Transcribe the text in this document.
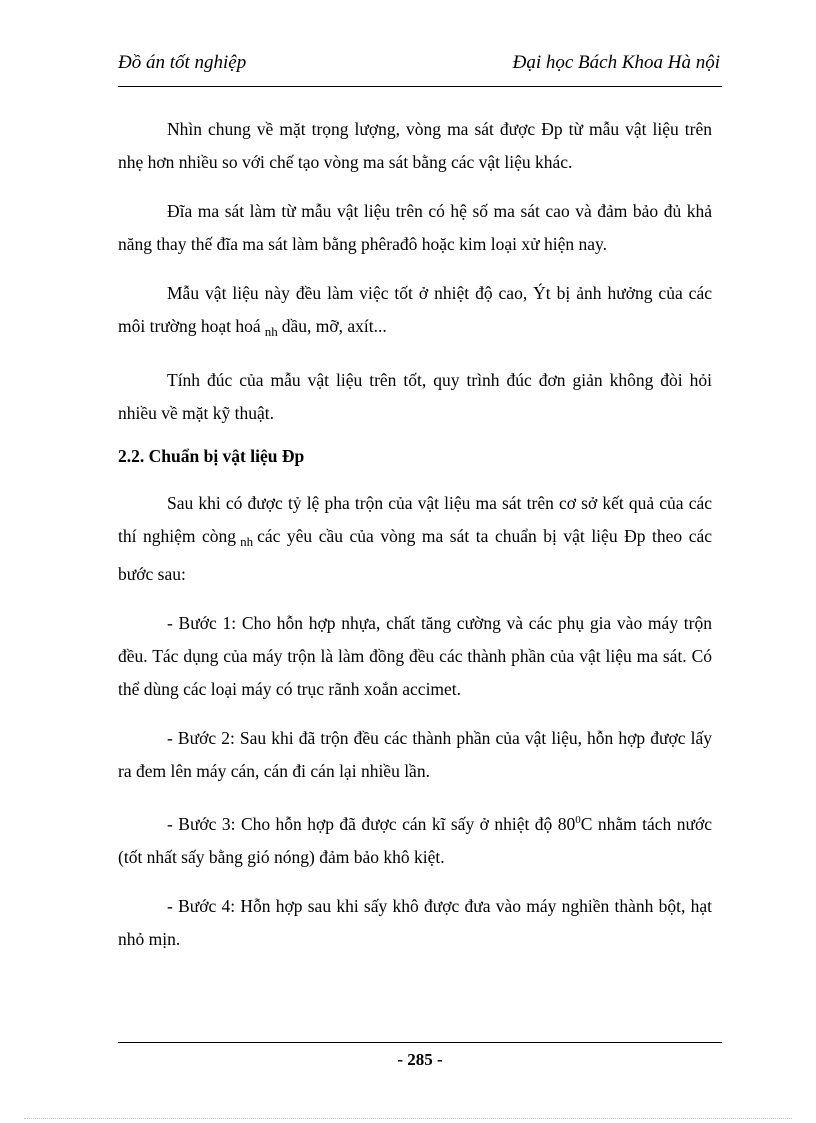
Đồ án tốt nghiệp	Đại học Bách Khoa Hà nội

Nhìn chung về mặt trọng lượng, vòng ma sát được Đp từ mẫu vật liệu trên nhẹ hơn nhiều so với chế tạo vòng ma sát bằng các vật liệu khác.

Đĩa ma sát làm từ mẫu vật liệu trên có hệ số ma sát cao và đảm bảo đủ khả năng thay thế đĩa ma sát làm bằng phêrađô hoặc kim loại xử hiện nay.

Mẫu vật liệu này đều làm việc tốt ở nhiệt độ cao, Ýt bị ảnh hưởng của các môi trường hoạt hoá $_{nh}$ dầu, mỡ, axít...

Tính đúc của mẫu vật liệu trên tốt, quy trình đúc đơn giản không đòi hỏi nhiều về mặt kỹ thuật.

2.2. Chuẩn bị vật liệu Đp

Sau khi có được tỷ lệ pha trộn của vật liệu ma sát trên cơ sở kết quả của các thí nghiệm còng $_{nh}$ các yêu cầu của vòng ma sát ta chuẩn bị vật liệu Đp theo các bước sau:

- Bước 1: Cho hỗn hợp nhựa, chất tăng cường và các phụ gia vào máy trộn đều. Tác dụng của máy trộn là làm đồng đều các thành phần của vật liệu ma sát. Có thể dùng các loại máy có trục rãnh xoắn accimet.

- Bước 2: Sau khi đã trộn đều các thành phần của vật liệu, hỗn hợp được lấy ra đem lên máy cán, cán đi cán lại nhiều lần.

- Bước 3: Cho hỗn hợp đã được cán kĩ sấy ở nhiệt độ $80^0C$ nhằm tách nước (tốt nhất sấy bằng gió nóng) đảm bảo khô kiệt.

- Bước 4: Hỗn hợp sau khi sấy khô được đưa vào máy nghiền thành bột, hạt nhỏ mịn.

- 285 -
